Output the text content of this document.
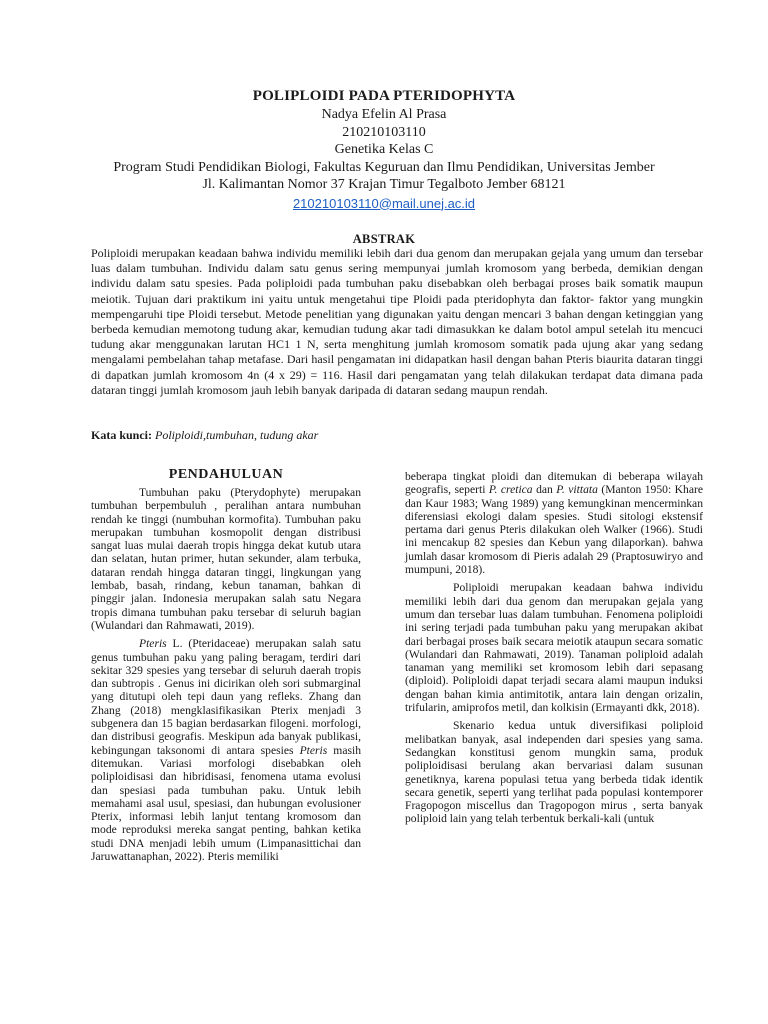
POLIPLOIDI PADA PTERIDOPHYTA
Nadya Efelin Al Prasa
210210103110
Genetika Kelas C
Program Studi Pendidikan Biologi, Fakultas Keguruan dan Ilmu Pendidikan, Universitas Jember
Jl. Kalimantan Nomor 37 Krajan Timur Tegalboto Jember 68121
210210103110@mail.unej.ac.id
ABSTRAK
Poliploidi merupakan keadaan bahwa individu memiliki lebih dari dua genom dan merupakan gejala yang umum dan tersebar luas dalam tumbuhan. Individu dalam satu genus sering mempunyai jumlah kromosom yang berbeda, demikian dengan individu dalam satu spesies. Pada poliploidi pada tumbuhan paku disebabkan oleh berbagai proses baik somatik maupun meiotik. Tujuan dari praktikum ini yaitu untuk mengetahui tipe Ploidi pada pteridophyta dan faktor- faktor yang mungkin mempengaruhi tipe Ploidi tersebut. Metode penelitian yang digunakan yaitu dengan mencari 3 bahan dengan ketinggian yang berbeda kemudian memotong tudung akar, kemudian tudung akar tadi dimasukkan ke dalam botol ampul setelah itu mencuci tudung akar menggunakan larutan HC1 1 N, serta menghitung jumlah kromosom somatik pada ujung akar yang sedang mengalami pembelahan tahap metafase. Dari hasil pengamatan ini didapatkan hasil dengan bahan Pteris biaurita dataran tinggi di dapatkan jumlah kromosom 4n (4 x 29) = 116. Hasil dari pengamatan yang telah dilakukan terdapat data dimana pada dataran tinggi jumlah kromosom jauh lebih banyak daripada di dataran sedang maupun rendah.
Kata kunci: Poliploidi,tumbuhan, tudung akar
PENDAHULUAN

Tumbuhan paku (Pterydophyte) merupakan tumbuhan berpembuluh , peralihan antara numbuhan rendah ke tinggi (numbuhan kormofita). Tumbuhan paku merupakan tumbuhan kosmopolit dengan distribusi sangat luas mulai daerah tropis hingga dekat kutub utara dan selatan, hutan primer, hutan sekunder, alam terbuka, dataran rendah hingga dataran tinggi, lingkungan yang lembab, basah, rindang, kebun tanaman, bahkan di pinggir jalan. Indonesia merupakan salah satu Negara tropis dimana tumbuhan paku tersebar di seluruh bagian (Wulandari dan Rahmawati, 2019).

Pteris L. (Pteridaceae) merupakan salah satu genus tumbuhan paku yang paling beragam, terdiri dari sekitar 329 spesies yang tersebar di seluruh daerah tropis dan subtropis . Genus ini dicirikan oleh sori submarginal yang ditutupi oleh tepi daun yang refleks. Zhang dan Zhang (2018) mengklasifikasikan Pterix menjadi 3 subgenera dan 15 bagian berdasarkan filogeni. morfologi, dan distribusi geografis. Meskipun ada banyak publikasi, kebingungan taksonomi di antara spesies Pteris masih ditemukan. Variasi morfologi disebabkan oleh poliploidisasi dan hibridisasi, fenomena utama evolusi dan spesiasi pada tumbuhan paku. Untuk lebih memahami asal usul, spesiasi, dan hubungan evolusioner Pterix, informasi lebih lanjut tentang kromosom dan mode reproduksi mereka sangat penting, bahkan ketika studi DNA menjadi lebih umum (Limpanasittichai dan Jaruwattanaphan, 2022). Pteris memiliki

beberapa tingkat ploidi dan ditemukan di beberapa wilayah geografis, seperti P. cretica dan P. vittata (Manton 1950: Khare dan Kaur 1983; Wang 1989) yang kemungkinan mencerminkan diferensiasi ekologi dalam spesies. Studi sitologi ekstensif pertama dari genus Pteris dilakukan oleh Walker (1966). Studi ini mencakup 82 spesies dan Kebun yang dilaporkan). bahwa jumlah dasar kromosom di Pieris adalah 29 (Praptosuwiryo and mumpuni, 2018).

Poliploidi merupakan keadaan bahwa individu memiliki lebih dari dua genom dan merupakan gejala yang umum dan tersebar luas dalam tumbuhan. Fenomena poliploidi ini sering terjadi pada tumbuhan paku yang merupakan akibat dari berbagai proses baik secara meiotik ataupun secara somatic (Wulandari dan Rahmawati, 2019). Tanaman poliploid adalah tanaman yang memiliki set kromosom lebih dari sepasang (diploid). Poliploidi dapat terjadi secara alami maupun induksi dengan bahan kimia antimitotik, antara lain dengan orizalin, trifularin, amiprofos metil, dan kolkisin (Ermayanti dkk, 2018).

Skenario kedua untuk diversifikasi poliploid melibatkan banyak, asal independen dari spesies yang sama. Sedangkan konstitusi genom mungkin sama, produk poliploidisasi berulang akan bervariasi dalam susunan genetiknya, karena populasi tetua yang berbeda tidak identik secara genetik, seperti yang terlihat pada populasi kontemporer Fragopogon miscellus dan Tragopogon mirus , serta banyak poliploid lain yang telah terbentuk berkali-kali (untuk
